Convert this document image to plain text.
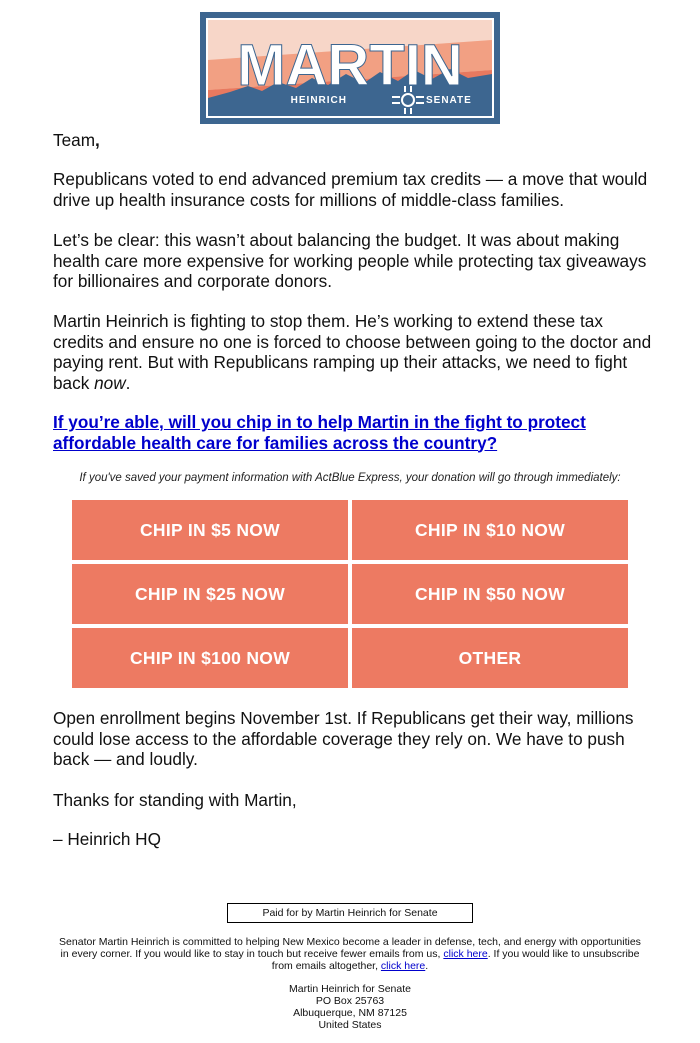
MARTIN
HEINRICH	SENATE

Team,

Republicans voted to end advanced premium tax credits — a move that would drive up health insurance costs for millions of middle-class families.

Let’s be clear: this wasn’t about balancing the budget. It was about making health care more expensive for working people while protecting tax giveaways for billionaires and corporate donors.

Martin Heinrich is fighting to stop them. He’s working to extend these tax credits and ensure no one is forced to choose between going to the doctor and paying rent. But with Republicans ramping up their attacks, we need to fight back now.

If you’re able, will you chip in to help Martin in the fight to protect affordable health care for families across the country?
If you've saved your payment information with ActBlue Express, your donation will go through immediately:
CHIP IN $5 NOW	CHIP IN $10 NOW
CHIP IN $25 NOW	CHIP IN $50 NOW
CHIP IN $100 NOW	OTHER

Open enrollment begins November 1st. If Republicans get their way, millions could lose access to the affordable coverage they rely on. We have to push back — and loudly.

Thanks for standing with Martin,

– Heinrich HQ

Paid for by Martin Heinrich for Senate
Senator Martin Heinrich is committed to helping New Mexico become a leader in defense, tech, and energy with opportunities in every corner. If you would like to stay in touch but receive fewer emails from us, click here. If you would like to unsubscribe from emails altogether, click here.
Martin Heinrich for Senate
PO Box 25763
Albuquerque, NM 87125
United States
